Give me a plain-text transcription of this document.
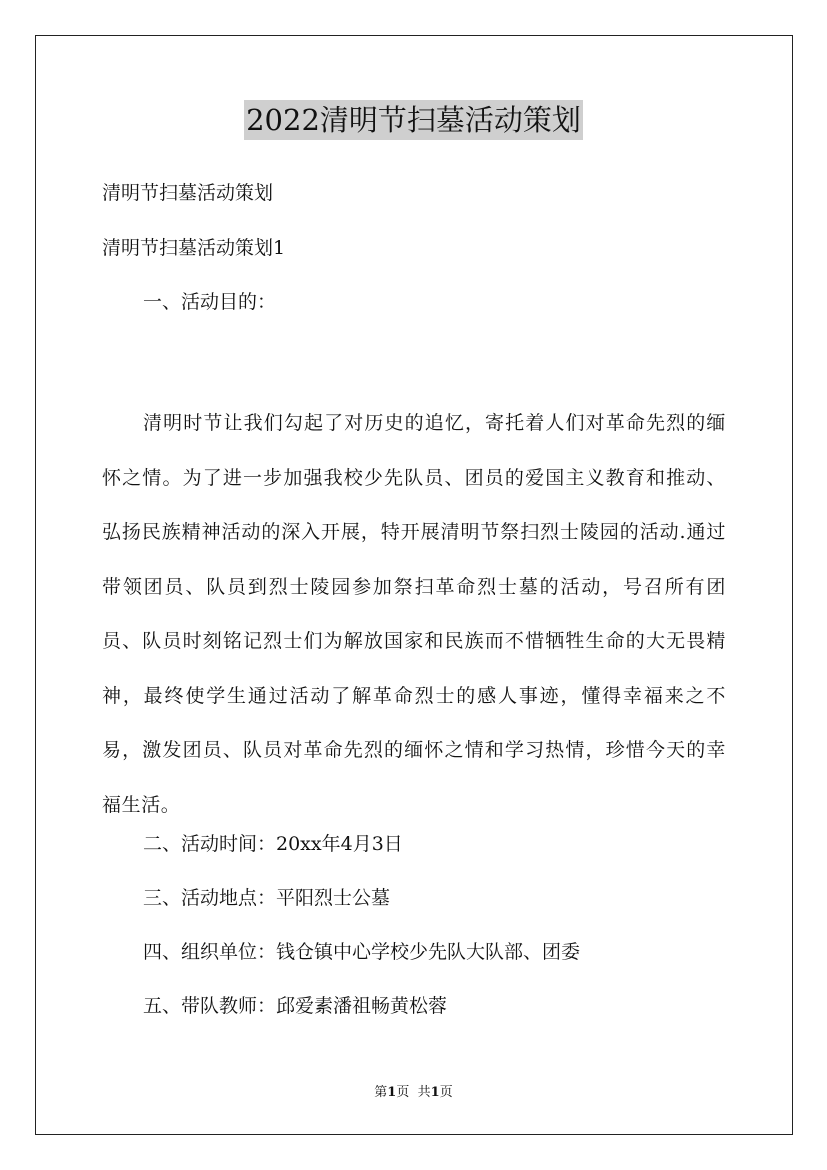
2022清明节扫墓活动策划
清明节扫墓活动策划
清明节扫墓活动策划1
一、活动目的：
清明时节让我们勾起了对历史的追忆，寄托着人们对革命先烈的缅怀之情。为了进一步加强我校少先队员、团员的爱国主义教育和推动、弘扬民族精神活动的深入开展，特开展清明节祭扫烈士陵园的活动.通过带领团员、队员到烈士陵园参加祭扫革命烈士墓的活动，号召所有团员、队员时刻铭记烈士们为解放国家和民族而不惜牺牲生命的大无畏精神，最终使学生通过活动了解革命烈士的感人事迹，懂得幸福来之不易，激发团员、队员对革命先烈的缅怀之情和学习热情，珍惜今天的幸福生活。
二、活动时间：20xx年4月3日
三、活动地点：平阳烈士公墓
四、组织单位：钱仓镇中心学校少先队大队部、团委
五、带队教师：邱爱素潘祖畅黄松蓉
第1页 共1页
